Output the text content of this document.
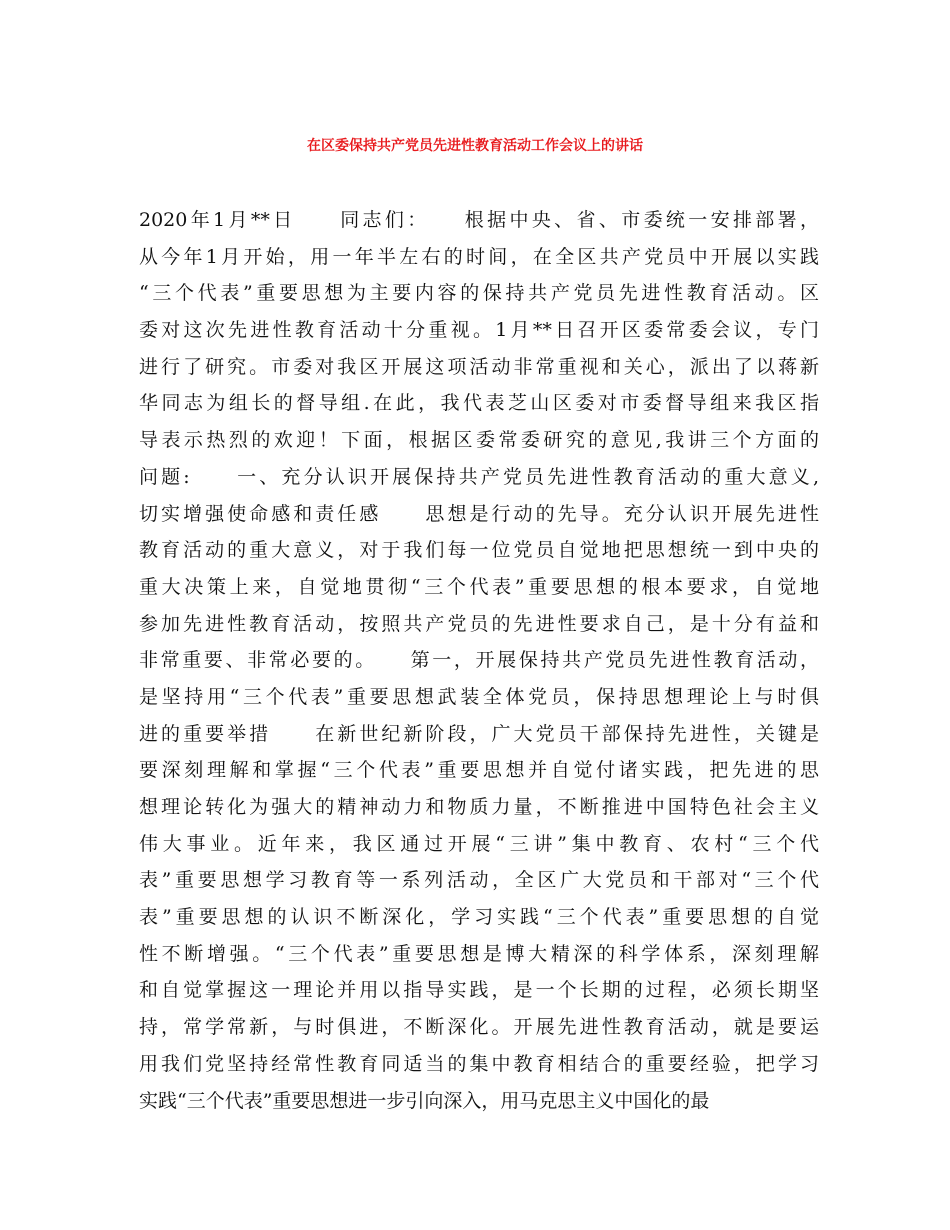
在区委保持共产党员先进性教育活动工作会议上的讲话
2020年1月**日　　同志们：　　根据中央、省、市委统一安排部署，
从今年1月开始，用一年半左右的时间，在全区共产党员中开展以实践
“三个代表”重要思想为主要内容的保持共产党员先进性教育活动。区
委对这次先进性教育活动十分重视。1月**日召开区委常委会议，专门
进行了研究。市委对我区开展这项活动非常重视和关心，派出了以蒋新
华同志为组长的督导组.在此，我代表芝山区委对市委督导组来我区指
导表示热烈的欢迎！下面，根据区委常委研究的意见,我讲三个方面的
问题:　　一、充分认识开展保持共产党员先进性教育活动的重大意义,
切实增强使命感和责任感　　思想是行动的先导。充分认识开展先进性
教育活动的重大意义，对于我们每一位党员自觉地把思想统一到中央的
重大决策上来，自觉地贯彻“三个代表”重要思想的根本要求，自觉地
参加先进性教育活动，按照共产党员的先进性要求自己，是十分有益和
非常重要、非常必要的。　　第一，开展保持共产党员先进性教育活动，
是坚持用“三个代表”重要思想武装全体党员，保持思想理论上与时俱
进的重要举措　　在新世纪新阶段，广大党员干部保持先进性，关键是
要深刻理解和掌握“三个代表”重要思想并自觉付诸实践，把先进的思
想理论转化为强大的精神动力和物质力量，不断推进中国特色社会主义
伟大事业。近年来，我区通过开展“三讲”集中教育、农村“三个代
表”重要思想学习教育等一系列活动，全区广大党员和干部对“三个代
表”重要思想的认识不断深化，学习实践“三个代表”重要思想的自觉
性不断增强。“三个代表”重要思想是博大精深的科学体系，深刻理解
和自觉掌握这一理论并用以指导实践，是一个长期的过程，必须长期坚
持，常学常新，与时俱进，不断深化。开展先进性教育活动，就是要运
用我们党坚持经常性教育同适当的集中教育相结合的重要经验，把学习
实践“三个代表”重要思想进一步引向深入，用马克思主义中国化的最
